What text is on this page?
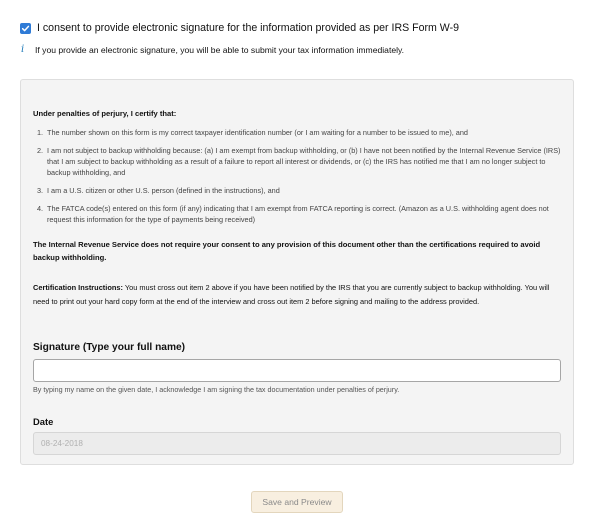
I consent to provide electronic signature for the information provided as per IRS Form W-9
i	If you provide an electronic signature, you will be able to submit your tax information immediately.
Under penalties of perjury, I certify that:
1. The number shown on this form is my correct taxpayer identification number (or I am waiting for a number to be issued to me), and
2. I am not subject to backup withholding because: (a) I am exempt from backup withholding, or (b) I have not been notified by the Internal Revenue Service (IRS) that I am subject to backup withholding as a result of a failure to report all interest or dividends, or (c) the IRS has notified me that I am no longer subject to backup withholding, and
3. I am a U.S. citizen or other U.S. person (defined in the instructions), and
4. The FATCA code(s) entered on this form (if any) indicating that I am exempt from FATCA reporting is correct. (Amazon as a U.S. withholding agent does not request this information for the type of payments being received)
The Internal Revenue Service does not require your consent to any provision of this document other than the certifications required to avoid backup withholding.
Certification Instructions: You must cross out item 2 above if you have been notified by the IRS that you are currently subject to backup withholding. You will need to print out your hard copy form at the end of the interview and cross out item 2 before signing and mailing to the address provided.
Signature (Type your full name)
By typing my name on the given date, I acknowledge I am signing the tax documentation under penalties of perjury.
Date
08-24-2018
Save and Preview
